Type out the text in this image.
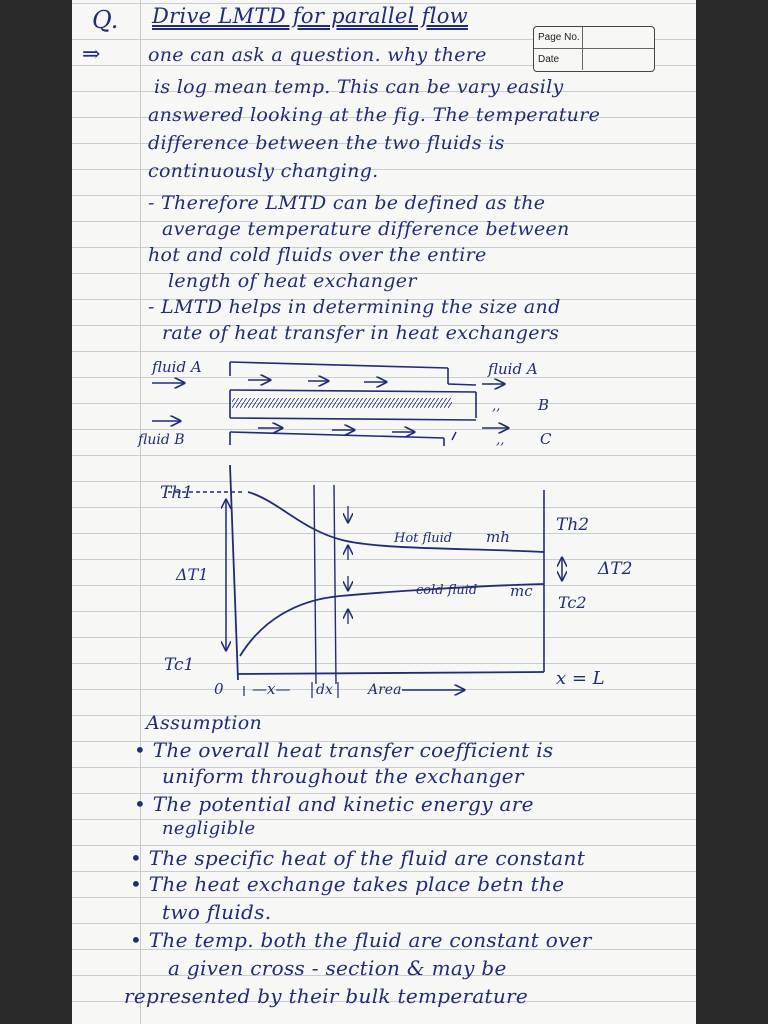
Q. Drive LMTD for parallel flow
⇒
Page No.
Date
one can ask a question. why there
is log mean temp. This can be vary easily
answered looking at the fig. The temperature
difference between the two fluids is
continuously changing.
- Therefore LMTD can be defined as the
average temperature difference between
hot and cold fluids over the entire
length of heat exchanger
- LMTD helps in determining the size and
rate of heat transfer in heat exchangers
fluid A	fluid A
fluid B
‚‚	B
‚‚ C
Th1
Th2
Tc1
Tc2
ΔT1	ΔT2
Hot fluid mh
cold fluid mc
0 —x— dx	Area
x = L
Assumption
• The overall heat transfer coefficient is
uniform throughout the exchanger
• The potential and kinetic energy are
negligible
• The specific heat of the fluid are constant
• The heat exchange takes place betn the
two fluids.
• The temp. both the fluid are constant over
a given cross - section & may be
represented by their bulk temperature
